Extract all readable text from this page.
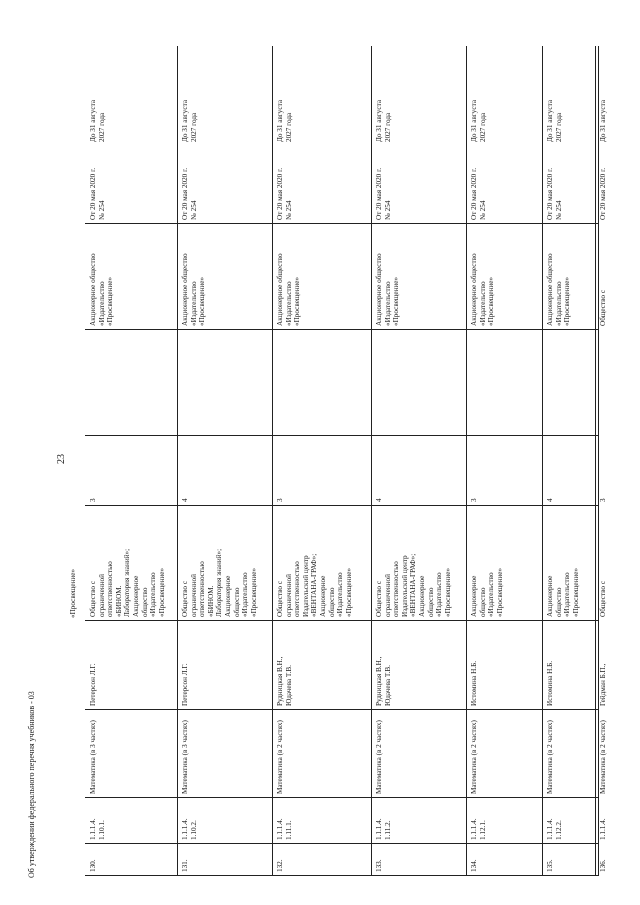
23
Об утверждении федерального перечня учебников - 03
«Просвещение»
130.
1.1.1.4.
1.10.1.
Математика (в 3 частях)
Петерсон Л.Г.
Общество с
ограниченной
ответственностью
«БИНОМ.
Лаборатория знаний»;
Акционерное
общество
«Издательство
«Просвещение»
3
Акционерное общество
«Издательство
«Просвещение»
От 20 мая 2020 г.
№ 254
До 31 августа
2027 года
131.
1.1.1.4.
1.10.2.
Математика (в 3 частях)
Петерсон Л.Г.
Общество с
ограниченной
ответственностью
«БИНОМ.
Лаборатория знаний»;
Акционерное
общество
«Издательство
«Просвещение»
4
Акционерное общество
«Издательство
«Просвещение»
От 20 мая 2020 г.
№ 254
До 31 августа
2027 года
132.
1.1.1.4.
1.11.1.
Математика (в 2 частях)
Рудницкая В.Н.,
Юдачева Т.В.
Общество с
ограниченной
ответственностью
Издательский центр
«ВЕНТАНА-ГРАФ»;
Акционерное
общество
«Издательство
«Просвещение»
3
Акционерное общество
«Издательство
«Просвещение»
От 20 мая 2020 г.
№ 254
До 31 августа
2027 года
133.
1.1.1.4.
1.11.2.
Математика (в 2 частях)
Рудницкая В.Н.,
Юдачева Т.В.
Общество с
ограниченной
ответственностью
Издательский центр
«ВЕНТАНА-ГРАФ»;
Акционерное
общество
«Издательство
«Просвещение»
4
Акционерное общество
«Издательство
«Просвещение»
От 20 мая 2020 г.
№ 254
До 31 августа
2027 года
134.
1.1.1.4.
1.12.1.
Математика (в 2 частях)
Истомина Н.Б.
Акционерное
общество
«Издательство
«Просвещение»
3
Акционерное общество
«Издательство
«Просвещение»
От 20 мая 2020 г.
№ 254
До 31 августа
2027 года
135.
1.1.1.4.
1.12.2.
Математика (в 2 частях)
Истомина Н.Б.
Акционерное
общество
«Издательство
«Просвещение»
4
Акционерное общество
«Издательство
«Просвещение»
От 20 мая 2020 г.
№ 254
До 31 августа
2027 года
136.
1.1.1.4.
Математика (в 2 частях)
Гейдман Б.П.,
Общество с
3
Общество с
От 20 мая 2020 г.
До 31 августа
